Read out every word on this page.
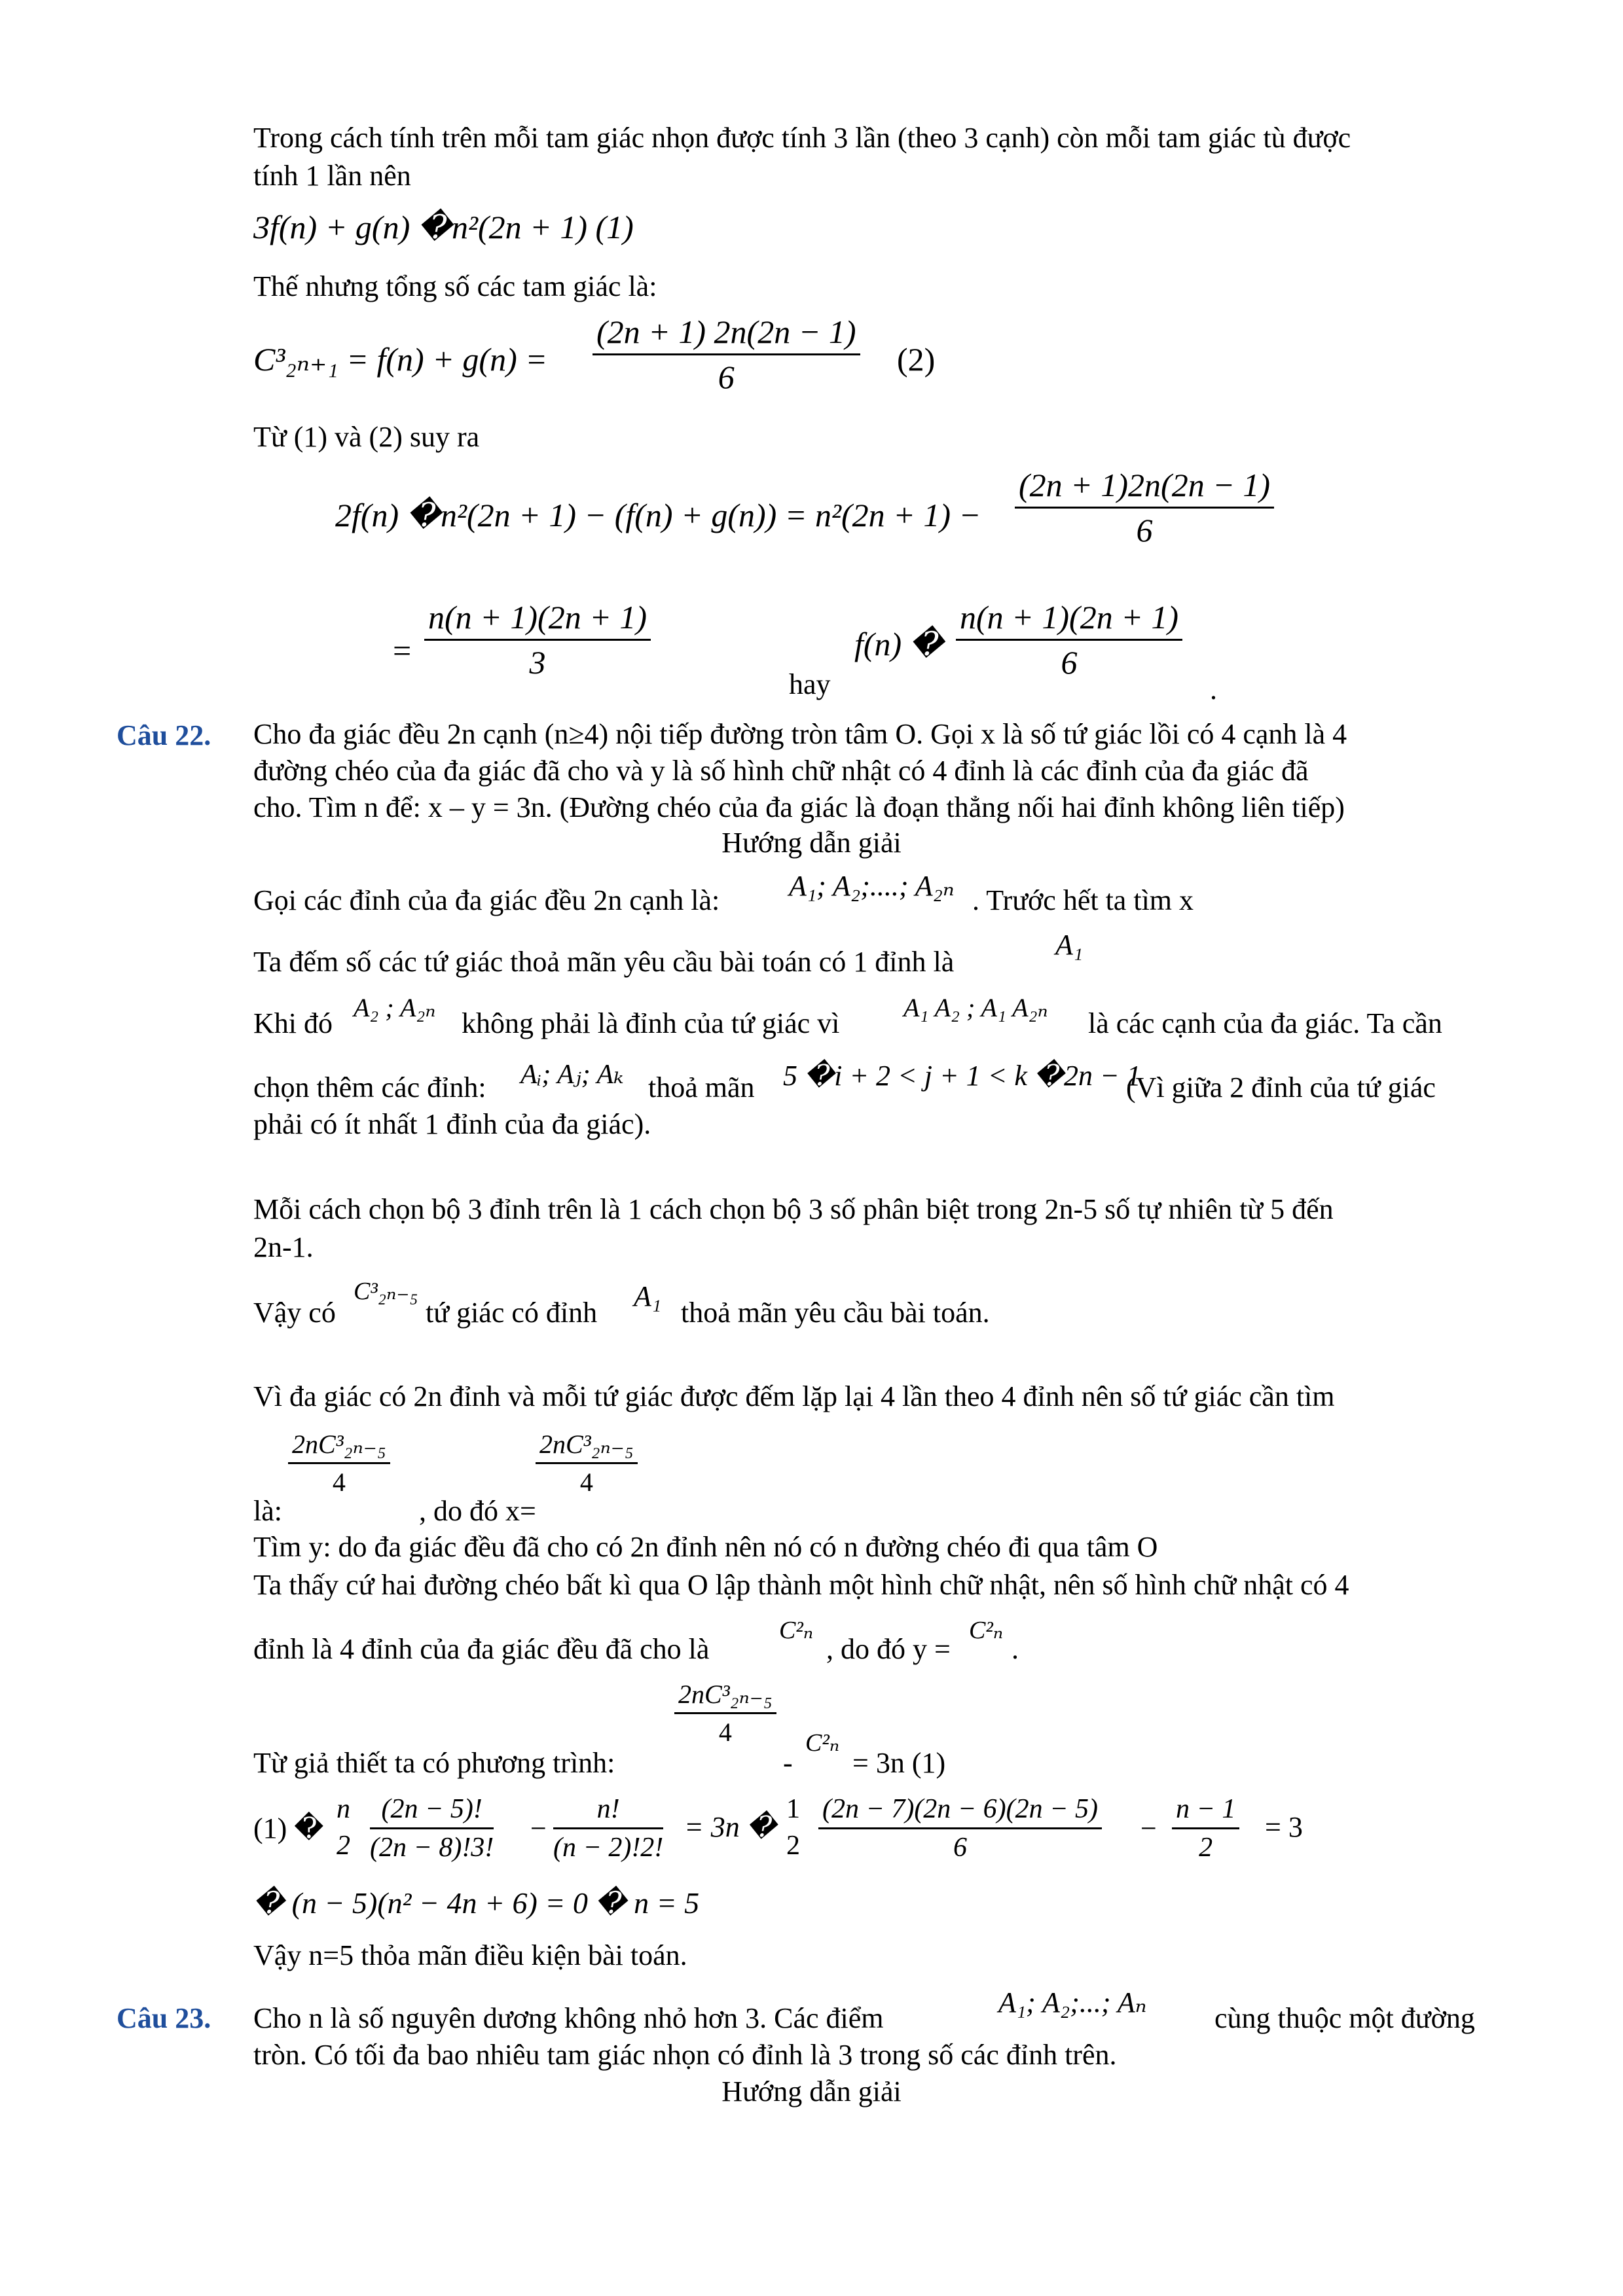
Trong cách tính trên mỗi tam giác nhọn được tính 3 lần (theo 3 cạnh) còn mỗi tam giác tù được
tính 1 lần nên
3f(n) + g(n) �n²(2n + 1) (1)
Thế nhưng tổng số các tam giác là:
$C^3_{2n+1} = f(n) + g(n) = \frac{(2n + 1) 2n(2n - 1)}{6} (2)$
Từ (1) và (2) suy ra
2f(n) �n²(2n + $1) - (f(n) + g(n)) = n^2(2n + 1) - \frac{(2n + 1)2n(2n - 1)}{6}$
= $\frac{n(n + 1)(2n + 1)}{3}$
hay
f(n) � $\frac{n(n + 1)(2n + 1)}{6}$
.
Câu 22. Cho đa giác đều 2n cạnh (n≥4) nội tiếp đường tròn tâm O. Gọi x là số tứ giác lồi có 4 cạnh là 4
đường chéo của đa giác đã cho và y là số hình chữ nhật có 4 đỉnh là các đỉnh của đa giác đã
cho. Tìm n để: x – y = 3n. (Đường chéo của đa giác là đoạn thẳng nối hai đỉnh không liên tiếp)
Hướng dẫn giải
Gọi các đỉnh của đa giác đều 2n cạnh là: A₁; A₂;....; A₂ₙ . Trước hết ta tìm x
Ta đếm số các tứ giác thoả mãn yêu cầu bài toán có 1 đỉnh là
A₁
Khi đó A₂ ; A₂ₙ không phải là đỉnh của tứ giác vì A₁ A₂ ; A₁ A₂ₙ là các cạnh của đa giác. Ta cần
chọn thêm các đỉnh: Aᵢ; Aⱼ; Aₖ thoả mãn 5 �i + 2 < j + 1 < k �2n − 1
(Vì giữa 2 đỉnh của tứ giác
phải có ít nhất 1 đỉnh của đa giác).
Mỗi cách chọn bộ 3 đỉnh trên là 1 cách chọn bộ 3 số phân biệt trong 2n-5 số tự nhiên từ 5 đến
2n-1.
Vậy có
C³₂ₙ₋₅
tứ giác có đỉnh
A₁
thoả mãn yêu cầu bài toán.
Vì đa giác có 2n đỉnh và mỗi tứ giác được đếm lặp lại 4 lần theo 4 đỉnh nên số tứ giác cần tìm
$\frac{\text{2nC³₂ₙ₋₅}}{4}$
là:	, do đó x=
$\frac{\text{2nC³₂ₙ₋₅}}{4}$
Tìm y: do đa giác đều đã cho có 2n đỉnh nên nó có n đường chéo đi qua tâm O
Ta thấy cứ hai đường chéo bất kì qua O lập thành một hình chữ nhật, nên số hình chữ nhật có 4
đỉnh là 4 đỉnh của đa giác đều đã cho là
C²ₙ
, do đó y =
C²ₙ
.
$\frac{\text{2nC³₂ₙ₋₅}}{4}$
Từ giả thiết ta có phương trình:	-
C²ₙ
= 3n (1)
(1) �
n
$2 \frac{(2n - 5)!}{(2n - 8)!3!} - \frac{n!}{(n - 2)!2!} = 3n$ �
1
$2 \frac{(2n - 7)(2n - 6)(2n - 5)}{6} - \frac{n - 1}{2} = 3$
� (n − 5)(n² − 4n + 6) = 0 � n = 5
Vậy n=5 thỏa mãn điều kiện bài toán.
Câu 23. Cho n là số nguyên dương không nhỏ hơn 3. Các điểm	A₁; A₂;...; Aₙ cùng thuộc một đường
tròn. Có tối đa bao nhiêu tam giác nhọn có đỉnh là 3 trong số các đỉnh trên.
Hướng dẫn giải
